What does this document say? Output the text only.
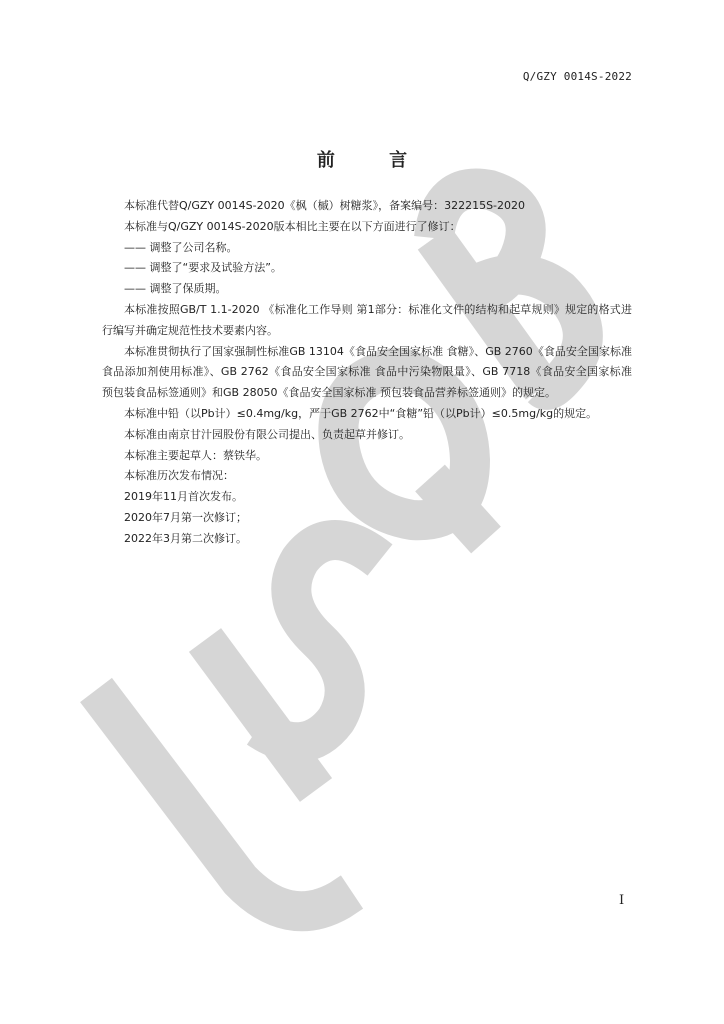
Q/GZY 0014S-2022
前 言

本标准代替Q/GZY 0014S-2020《枫（槭）树糖浆》，备案编号：322215S-2020

本标准与Q/GZY 0014S-2020版本相比主要在以下方面进行了修订：

—— 调整了公司名称。

—— 调整了“要求及试验方法”。

—— 调整了保质期。

本标准按照GB/T 1.1-2020 《标准化工作导则 第1部分：标准化文件的结构和起草规则》规定的格式进行编写并确定规范性技术要素内容。

本标准贯彻执行了国家强制性标准GB 13104《食品安全国家标准 食糖》、GB 2760《食品安全国家标准 食品添加剂使用标准》、GB 2762《食品安全国家标准 食品中污染物限量》、GB 7718《食品安全国家标准 预包装食品标签通则》和GB 28050《食品安全国家标准 预包装食品营养标签通则》的规定。

本标准中铅（以Pb计）≤0.4mg/kg，严于GB 2762中“食糖”铅（以Pb计）≤0.5mg/kg的规定。

本标准由南京甘汁园股份有限公司提出、负责起草并修订。

本标准主要起草人：蔡铁华。

本标准历次发布情况：

2019年11月首次发布。

2020年7月第一次修订；

2022年3月第二次修订。

I
